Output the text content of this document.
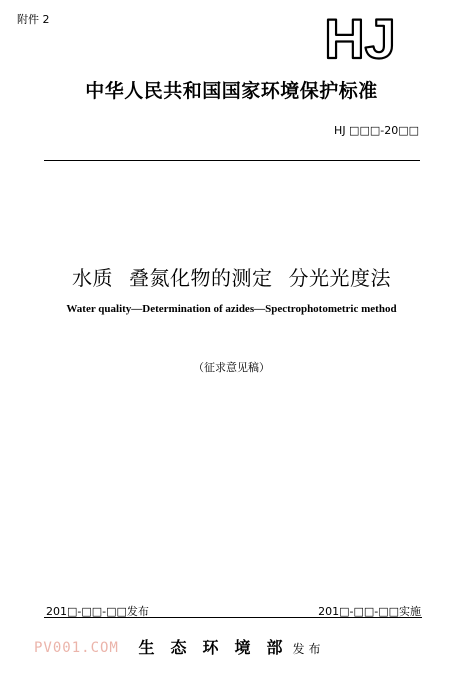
附件 2	HJ
中华人民共和国国家环境保护标准
HJ □□□-20□□
水质 叠氮化物的测定 分光光度法
Water quality—Determination of azides—Spectrophotometric method
（征求意见稿）
201□-□□-□□发布	201□-□□-□□实施
生态环境部发布
PV001.COM
